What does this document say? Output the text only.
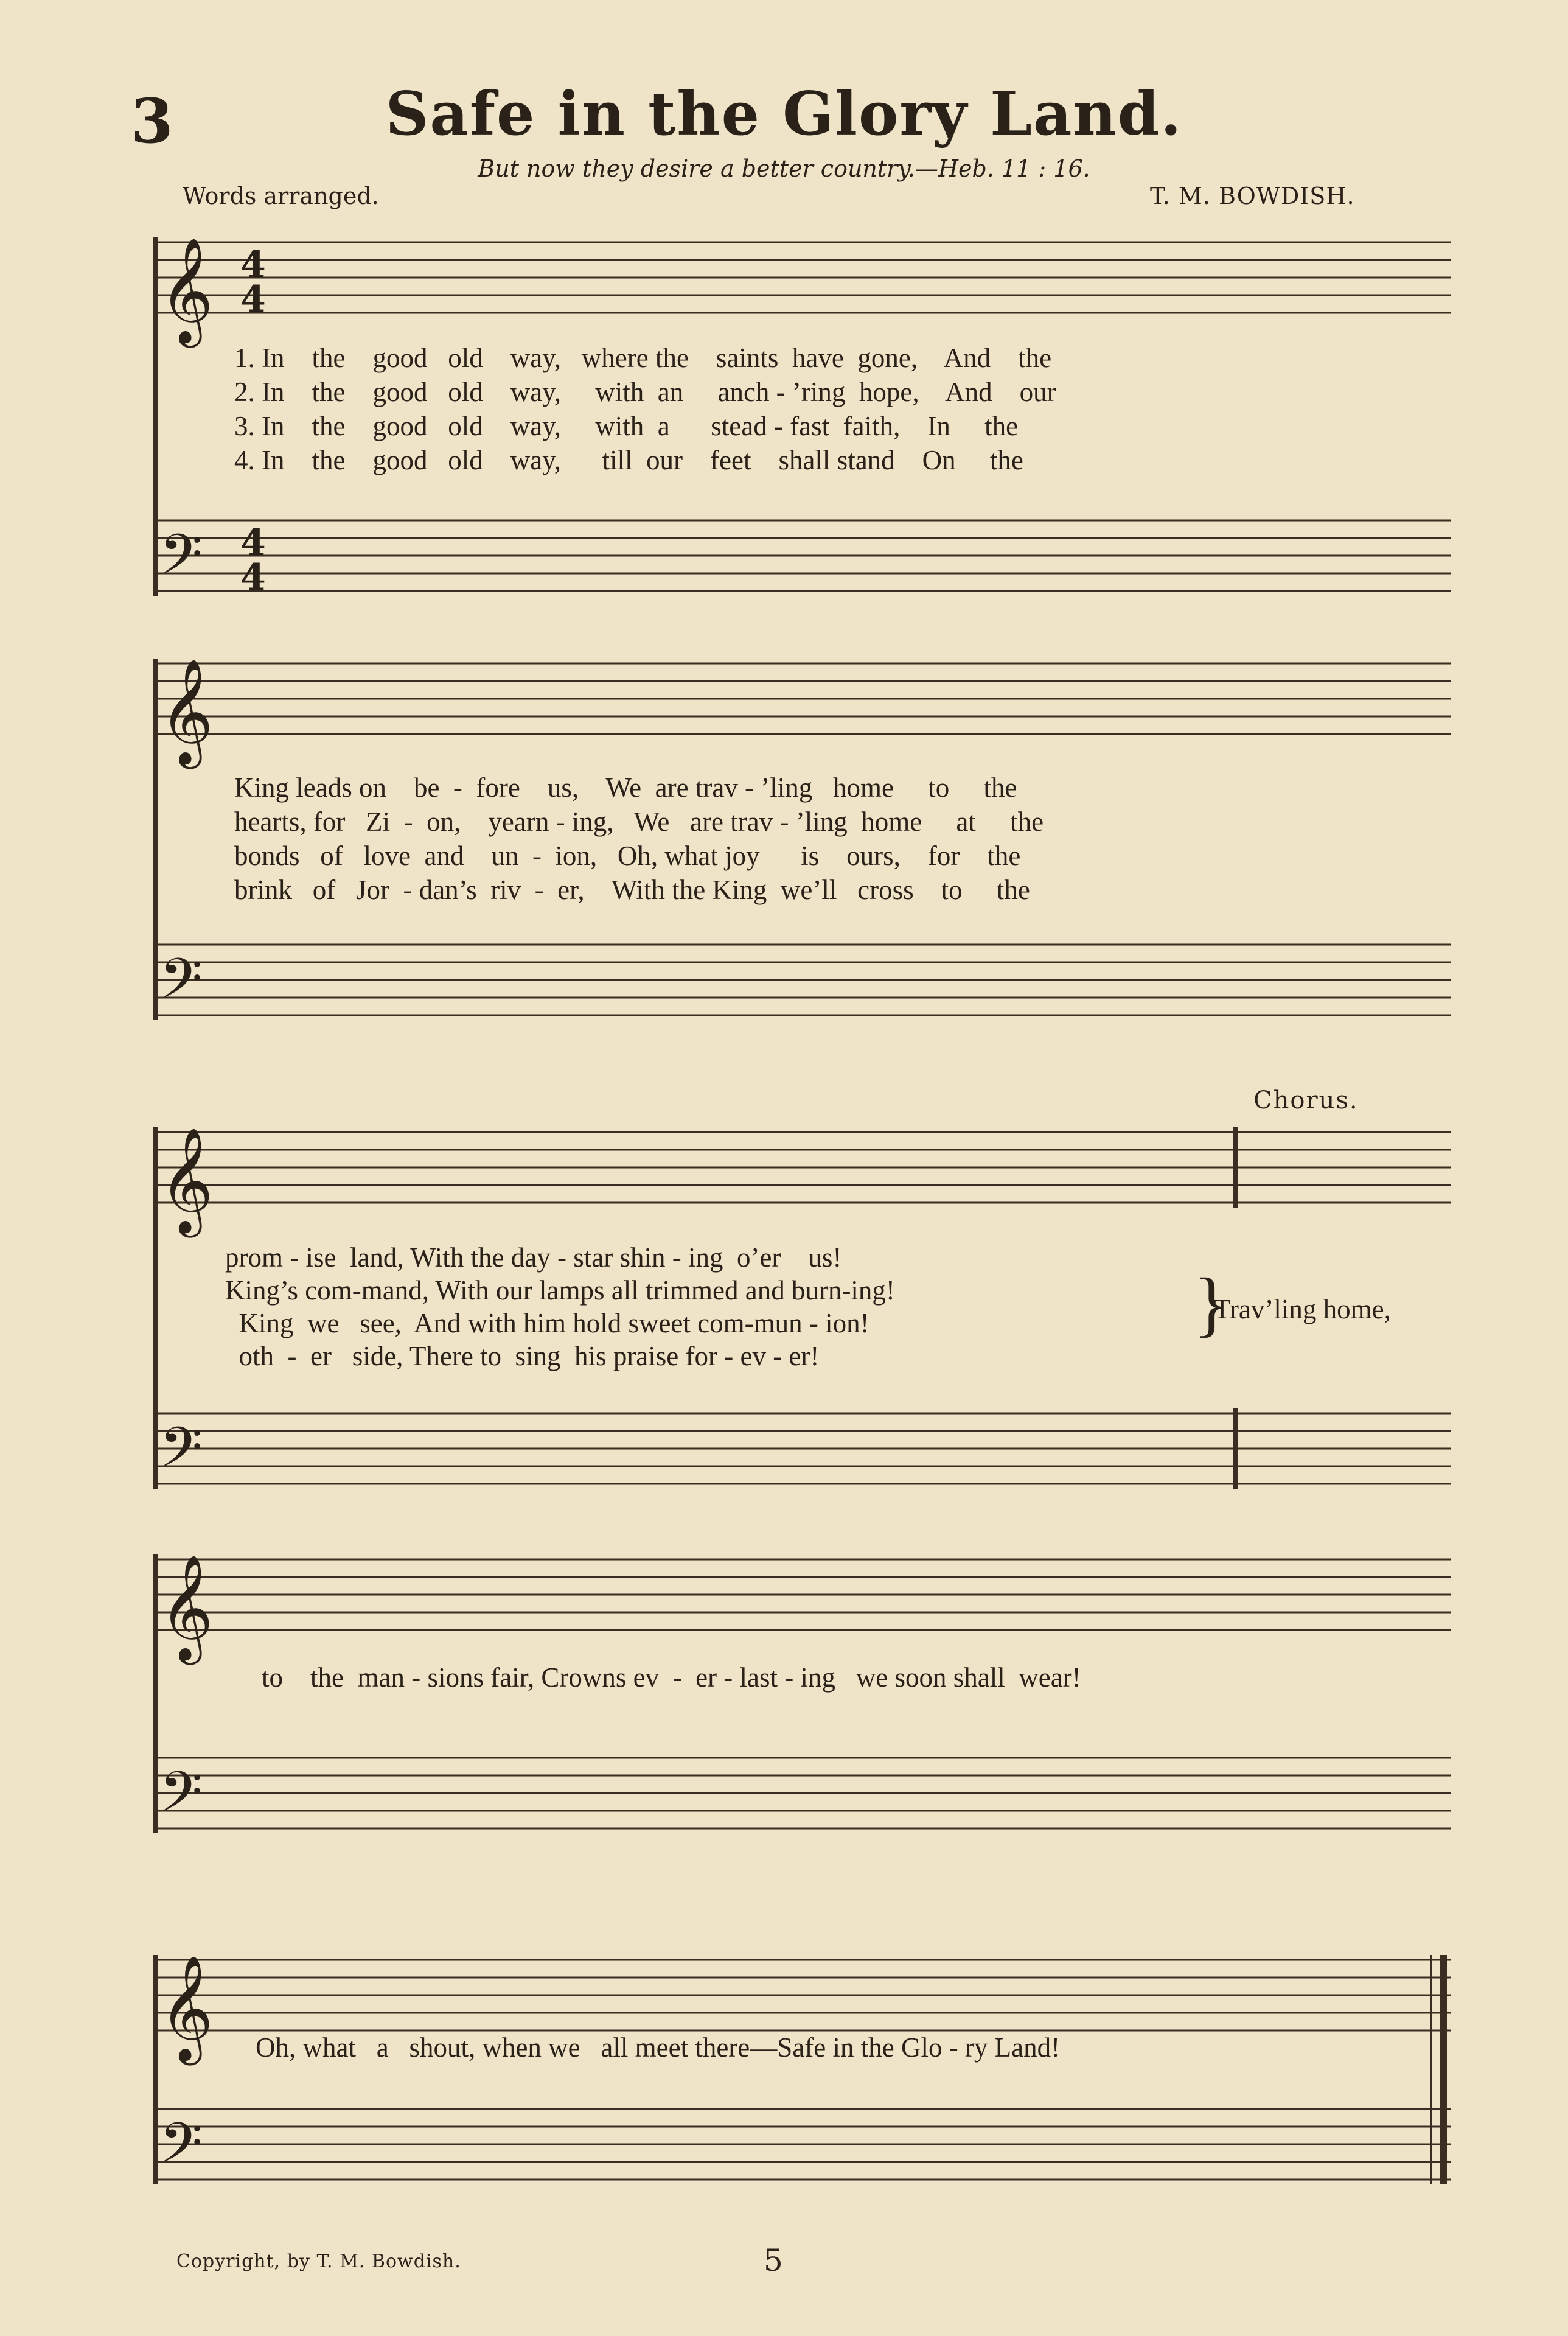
3	Safe in the Glory Land.
But now they desire a better country.—Heb. 11 : 16.
Words arranged.	T. M. BOWDISH.
𝄞
𝄢
4
4
4
4
𝄞
𝄢
𝄞
𝄢
𝄞
𝄢
𝄞
𝄢
1. In    the    good   old    way,   where the    saints  have  gone,    And    the
2. In    the    good   old    way,     with  an     anch - ’ring  hope,    And    our
3. In    the    good   old    way,     with  a      stead - fast  faith,    In     the
4. In    the    good   old    way,      till  our    feet    shall stand    On     the
King leads on    be  -  fore    us,    We  are trav - ’ling   home     to     the
hearts, for   Zi  -  on,    yearn - ing,   We   are trav - ’ling  home     at     the
bonds   of   love  and    un  -  ion,   Oh, what joy      is    ours,    for    the
brink   of   Jor  - dan’s  riv  -  er,    With the King  we’ll   cross    to     the
Chorus.
prom - ise  land, With the day - star shin - ing  o’er    us!
King’s com-mand, With our lamps all trimmed and burn-ing!
King  we   see,  And with him hold sweet com-mun - ion!
oth  -  er   side, There to  sing  his praise for - ev - er!
}
Trav’ling home,
to    the  man - sions fair, Crowns ev  -  er - last - ing   we soon shall  wear!
Oh, what   a   shout, when we   all meet there—Safe in the Glo - ry Land!
Copyright, by T. M. Bowdish.	5
